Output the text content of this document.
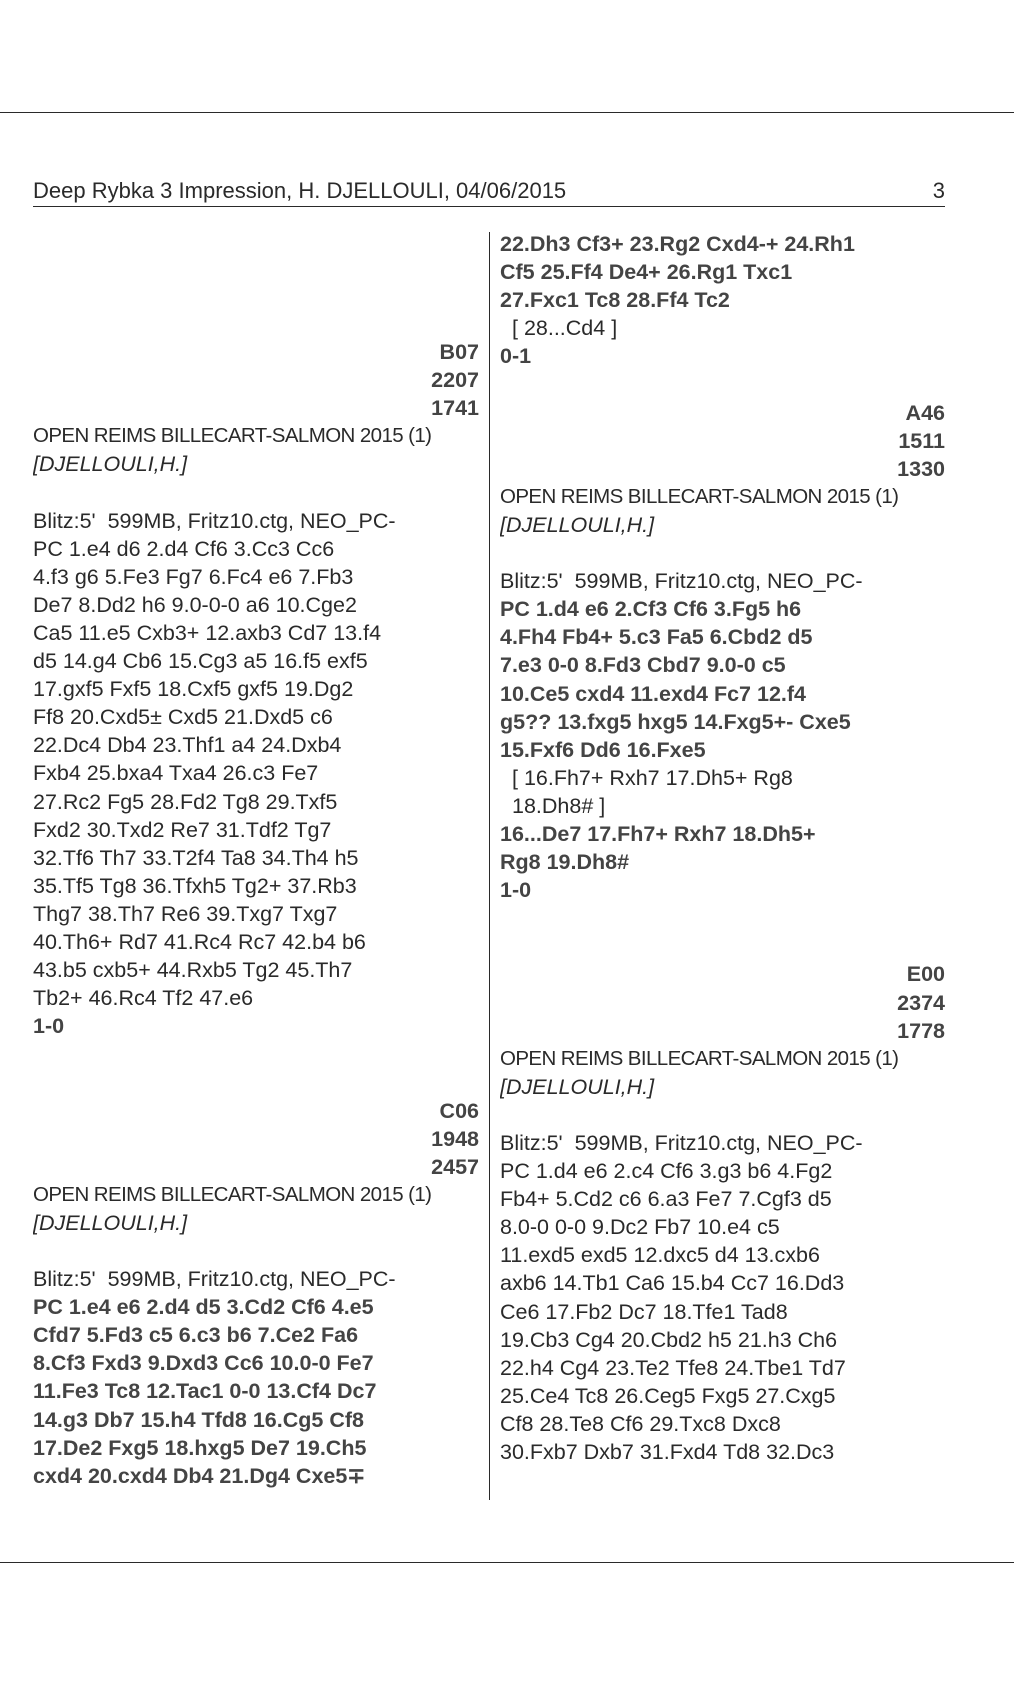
Deep Rybka 3 Impression, H. DJELLOULI, 04/06/2015	3
B07

2207

1741

OPEN REIMS BILLECART-SALMON 2015 (1)
[DJELLOULI,H.]
Blitz:5'  599MB, Fritz10.ctg, NEO_PC-
PC 1.e4 d6 2.d4 Cf6 3.Cc3 Cc6
4.f3 g6 5.Fe3 Fg7 6.Fc4 e6 7.Fb3
De7 8.Dd2 h6 9.0-0-0 a6 10.Cge2
Ca5 11.e5 Cxb3+ 12.axb3 Cd7 13.f4
d5 14.g4 Cb6 15.Cg3 a5 16.f5 exf5
17.gxf5 Fxf5 18.Cxf5 gxf5 19.Dg2
Ff8 20.Cxd5± Cxd5 21.Dxd5 c6
22.Dc4 Db4 23.Thf1 a4 24.Dxb4
Fxb4 25.bxa4 Txa4 26.c3 Fe7
27.Rc2 Fg5 28.Fd2 Tg8 29.Txf5
Fxd2 30.Txd2 Re7 31.Tdf2 Tg7
32.Tf6 Th7 33.T2f4 Ta8 34.Th4 h5
35.Tf5 Tg8 36.Tfxh5 Tg2+ 37.Rb3
Thg7 38.Th7 Re6 39.Txg7 Txg7
40.Th6+ Rd7 41.Rc4 Rc7 42.b4 b6
43.b5 cxb5+ 44.Rxb5 Tg2 45.Th7
Tb2+ 46.Rc4 Tf2 47.e6
1-0
C06

1948

2457

OPEN REIMS BILLECART-SALMON 2015 (1)
[DJELLOULI,H.]
Blitz:5'  599MB, Fritz10.ctg, NEO_PC-
PC 1.e4 e6 2.d4 d5 3.Cd2 Cf6 4.e5
Cfd7 5.Fd3 c5 6.c3 b6 7.Ce2 Fa6
8.Cf3 Fxd3 9.Dxd3 Cc6 10.0-0 Fe7
11.Fe3 Tc8 12.Tac1 0-0 13.Cf4 Dc7
14.g3 Db7 15.h4 Tfd8 16.Cg5 Cf8
17.De2 Fxg5 18.hxg5 De7 19.Ch5
cxd4 20.cxd4 Db4 21.Dg4 Cxe5∓
22.Dh3 Cf3+ 23.Rg2 Cxd4-+ 24.Rh1
Cf5 25.Ff4 De4+ 26.Rg1 Txc1
27.Fxc1 Tc8 28.Ff4 Tc2
[ 28...Cd4 ]
0-1
A46

1511

1330

OPEN REIMS BILLECART-SALMON 2015 (1)
[DJELLOULI,H.]
Blitz:5'  599MB, Fritz10.ctg, NEO_PC-
PC 1.d4 e6 2.Cf3 Cf6 3.Fg5 h6
4.Fh4 Fb4+ 5.c3 Fa5 6.Cbd2 d5
7.e3 0-0 8.Fd3 Cbd7 9.0-0 c5
10.Ce5 cxd4 11.exd4 Fc7 12.f4
g5?? 13.fxg5 hxg5 14.Fxg5+- Cxe5
15.Fxf6 Dd6 16.Fxe5
[ 16.Fh7+ Rxh7 17.Dh5+ Rg8
18.Dh8# ]
16...De7 17.Fh7+ Rxh7 18.Dh5+
Rg8 19.Dh8#
1-0
E00

2374

1778

OPEN REIMS BILLECART-SALMON 2015 (1)
[DJELLOULI,H.]
Blitz:5'  599MB, Fritz10.ctg, NEO_PC-
PC 1.d4 e6 2.c4 Cf6 3.g3 b6 4.Fg2
Fb4+ 5.Cd2 c6 6.a3 Fe7 7.Cgf3 d5
8.0-0 0-0 9.Dc2 Fb7 10.e4 c5
11.exd5 exd5 12.dxc5 d4 13.cxb6
axb6 14.Tb1 Ca6 15.b4 Cc7 16.Dd3
Ce6 17.Fb2 Dc7 18.Tfe1 Tad8
19.Cb3 Cg4 20.Cbd2 h5 21.h3 Ch6
22.h4 Cg4 23.Te2 Tfe8 24.Tbe1 Td7
25.Ce4 Tc8 26.Ceg5 Fxg5 27.Cxg5
Cf8 28.Te8 Cf6 29.Txc8 Dxc8
30.Fxb7 Dxb7 31.Fxd4 Td8 32.Dc3
